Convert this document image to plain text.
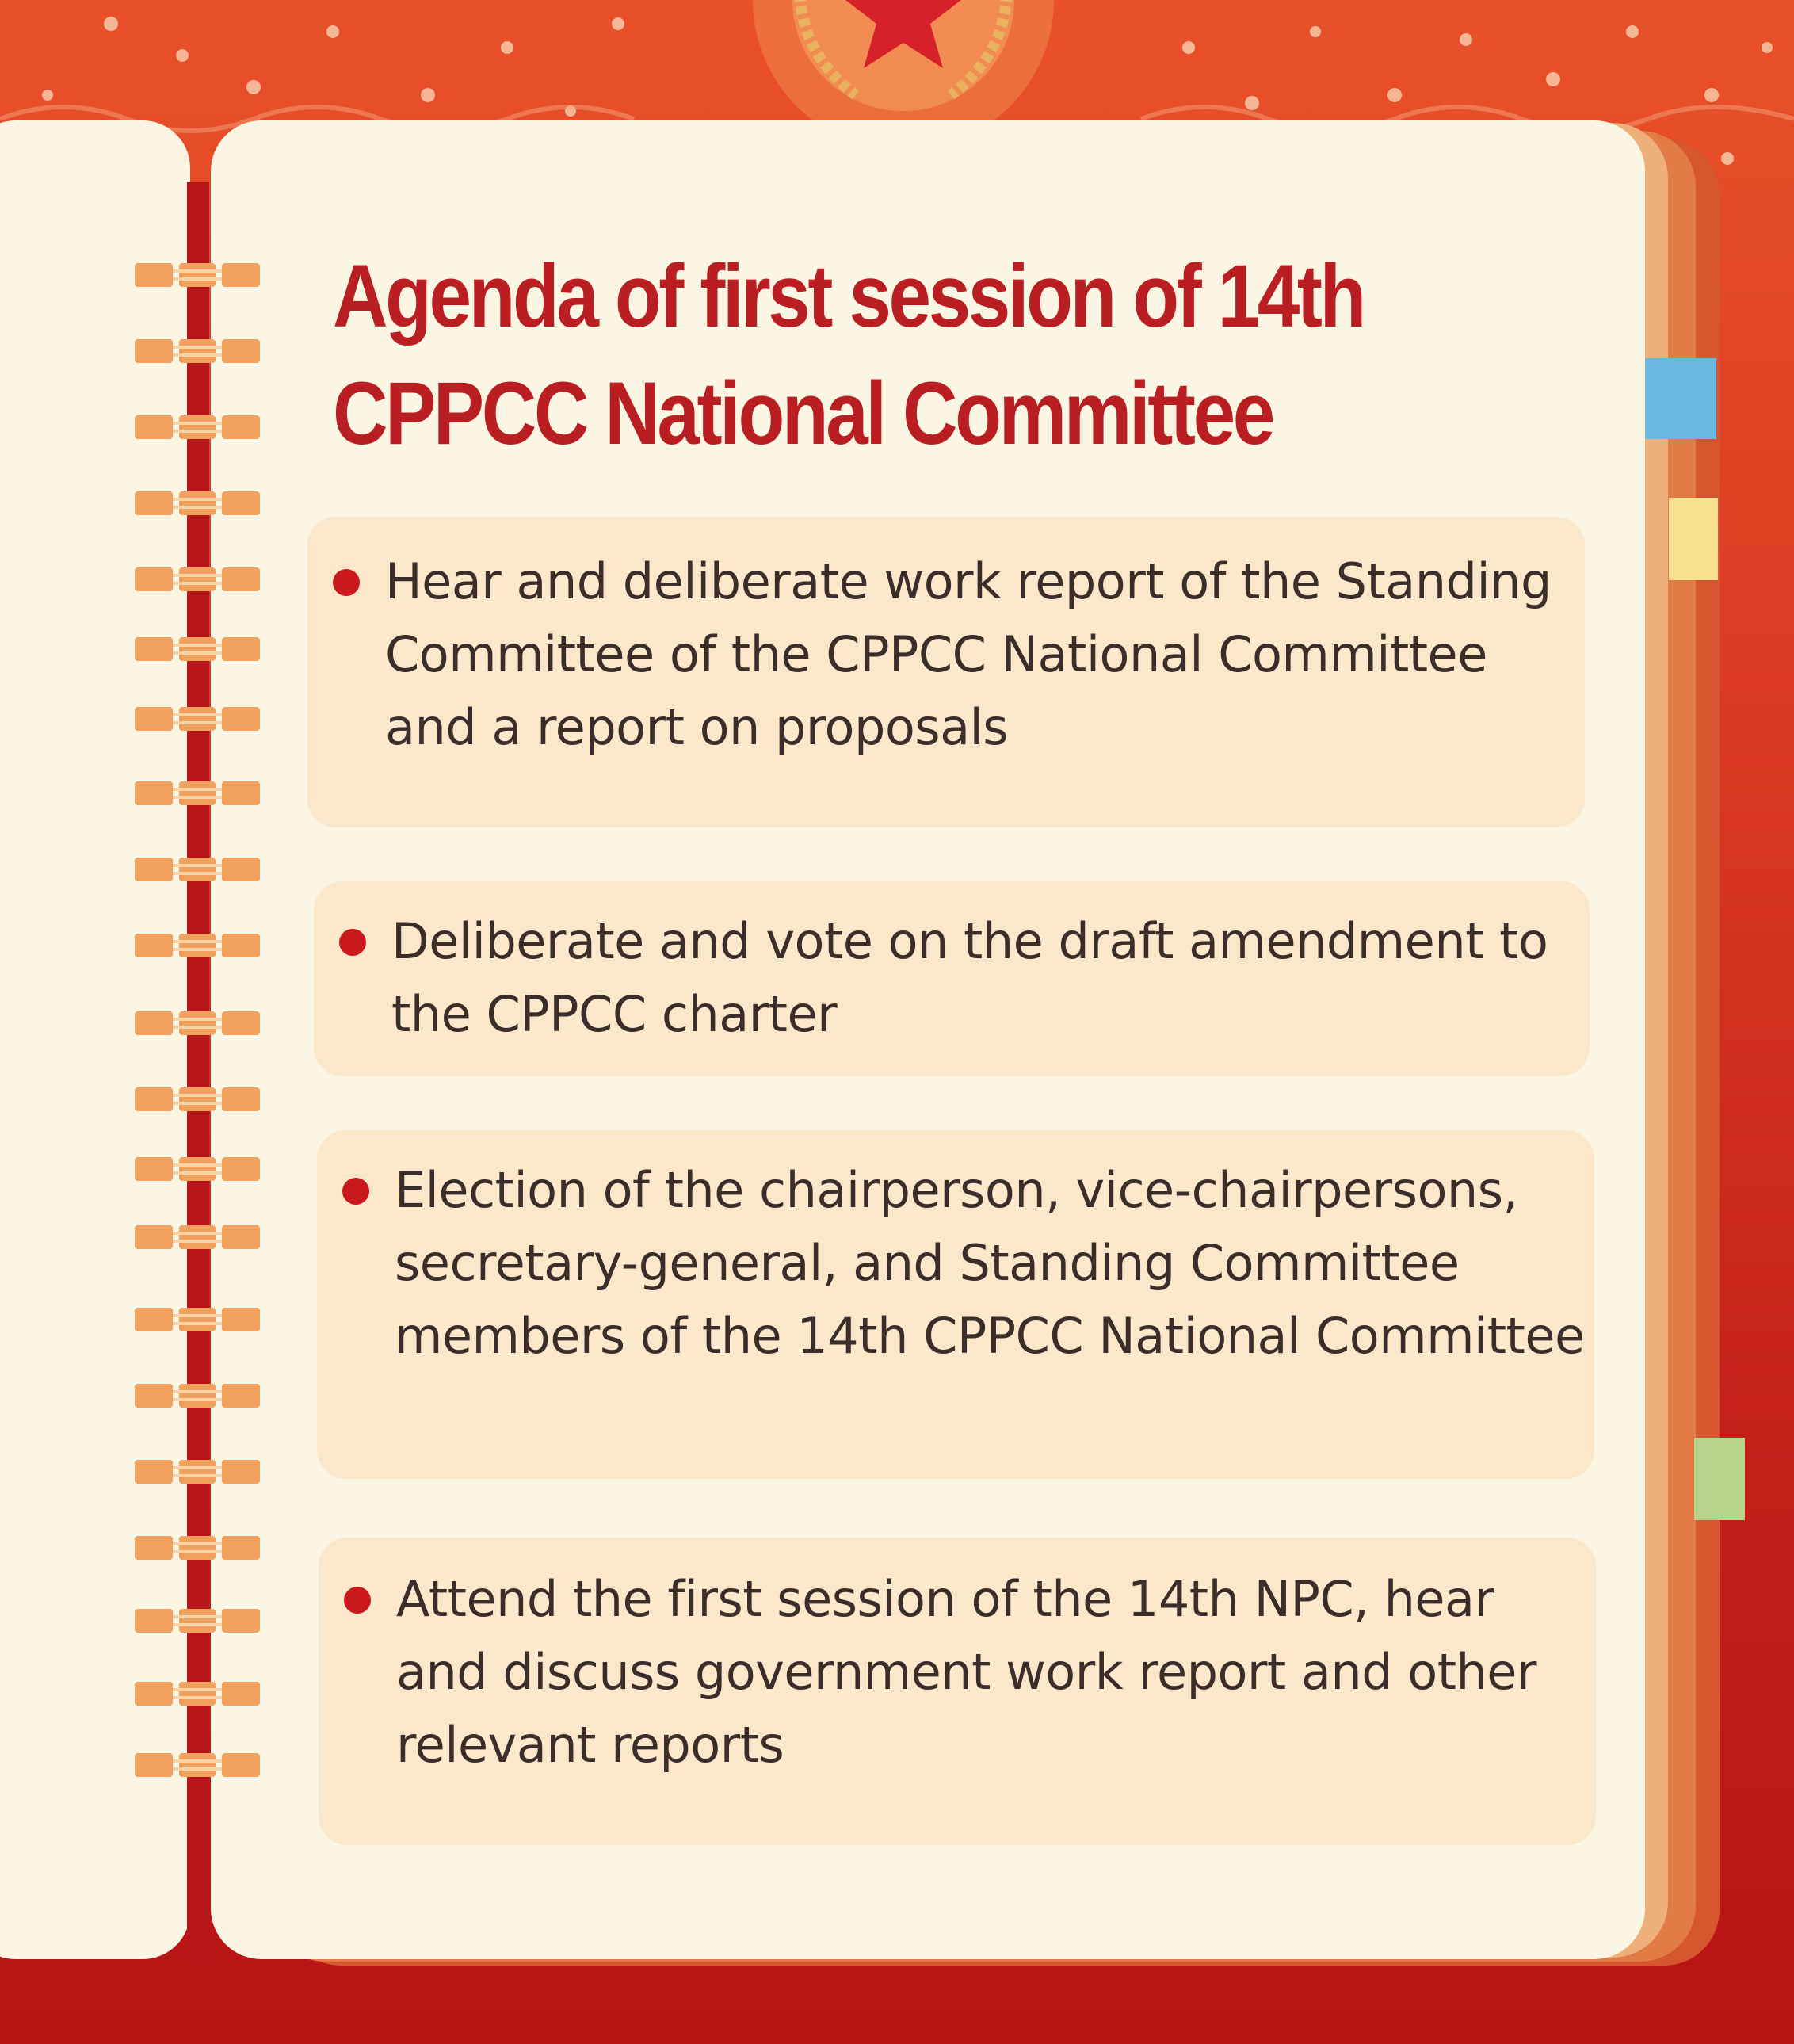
Agenda of first session of 14th CPPCC National Committee

Hear and deliberate work report of the Standing Committee of the CPPCC National Committee and a report on proposals

Deliberate and vote on the draft amendment to the CPPCC charter

Election of the chairperson, vice-chairpersons, secretary-general, and Standing Committee members of the 14th CPPCC National Committee

Attend the first session of the 14th NPC, hear and discuss government work report and other relevant reports
